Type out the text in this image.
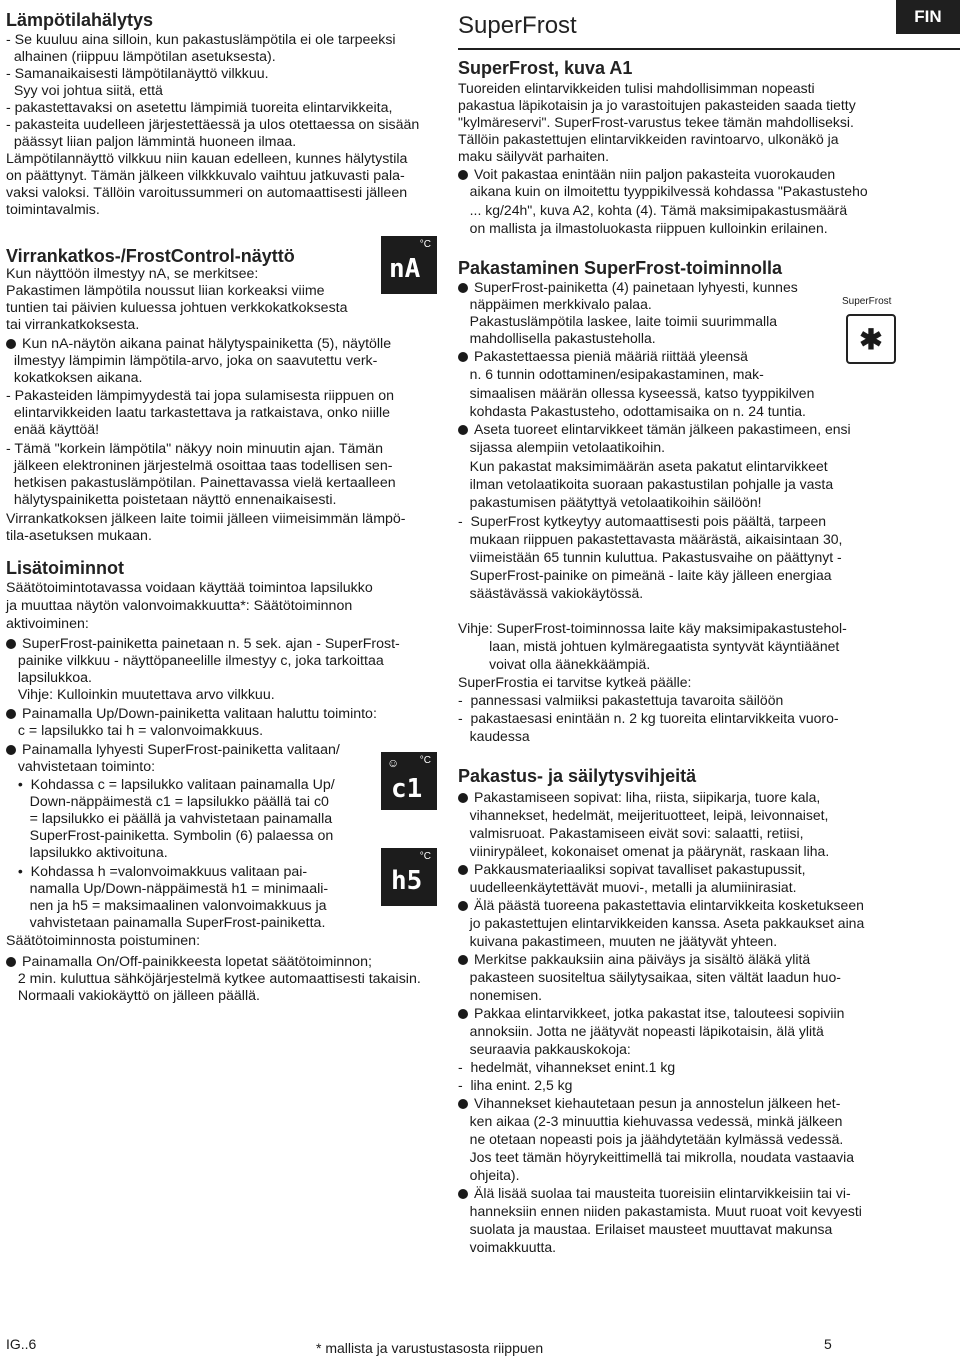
FIN
Lämpötilahälytys
- Se kuuluu aina silloin, kun pakastuslämpötila ei ole tarpeeksi
alhainen (riippuu lämpötilan asetuksesta).
- Samanaikaisesti lämpötilanäyttö vilkkuu.
Syy voi johtua siitä, että
- pakastettavaksi on asetettu lämpimiä tuoreita elintarvikkeita,
- pakasteita uudelleen järjestettäessä ja ulos otettaessa on sisään
päässyt liian paljon lämmintä huoneen ilmaa.
Lämpötilannäyttö vilkkuu niin kauan edelleen, kunnes hälytystila
on päättynyt. Tämän jälkeen vilkkkuvalo vaihtuu jatkuvasti pala-
vaksi valoksi. Tällöin varoitussummeri on automaattisesti jälleen
toimintavalmis.
Virrankatkos-/FrostControl-näyttö
Kun näyttöön ilmestyy nA, se merkitsee:
Pakastimen lämpötila noussut liian korkeaksi viime
tuntien tai päivien kuluessa johtuen verkkokatkoksesta
tai virrankatkoksesta.
Kun nA-näytön aikana painat hälytyspainiketta (5), näytölle
ilmestyy lämpimin lämpötila-arvo, joka on saavutettu verk-
kokatkoksen aikana.
- Pakasteiden lämpimyydestä tai jopa sulamisesta riippuen on
elintarvikkeiden laatu tarkastettava ja ratkaistava, onko niille
enää käyttöä!
- Tämä "korkein lämpötila" näkyy noin minuutin ajan. Tämän
jälkeen elektroninen järjestelmä osoittaa taas todellisen sen-
hetkisen pakastuslämpötilan. Painettavassa vielä kertaalleen
hälytyspainiketta poistetaan näyttö ennenaikaisesti.
Virrankatkoksen jälkeen laite toimii jälleen viimeisimmän lämpö-
tila-asetuksen mukaan.
Lisätoiminnot
Säätötoimintotavassa voidaan käyttää toimintoa lapsilukko
ja muuttaa näytön valonvoimakkuutta*: Säätötoiminnon
aktivoiminen:
SuperFrost-painiketta painetaan n. 5 sek. ajan - SuperFrost-
painike vilkkuu - näyttöpaneelille ilmestyy c, joka tarkoittaa
lapsilukkoa.
Vihje: Kulloinkin muutettava arvo vilkkuu.
Painamalla Up/Down-painiketta valitaan haluttu toiminto:
c = lapsilukko tai h = valonvoimakkuus.
Painamalla lyhyesti SuperFrost-painiketta valitaan/
vahvistetaan toiminto:
•  Kohdassa c = lapsilukko valitaan painamalla Up/
Down-näppäimestä c1 = lapsilukko päällä tai c0
= lapsilukko ei päällä ja vahvistetaan painamalla
SuperFrost-painiketta. Symbolin (6) palaessa on
lapsilukko aktivoituna.
•  Kohdassa h =valonvoimakkuus valitaan pai-
namalla Up/Down-näppäimestä h1 = minimaali-
nen ja h5 = maksimaalinen valonvoimakkuus ja
vahvistetaan painamalla SuperFrost-painiketta.
Säätötoiminnosta poistuminen:
Painamalla On/Off-painikkeesta lopetat säätötoiminnon;
2 min. kuluttua sähköjärjestelmä kytkee automaattisesti takaisin.
Normaali vakiokäyttö on jälleen päällä.
SuperFrost
SuperFrost, kuva A1
Tuoreiden elintarvikkeiden tulisi mahdollisimman nopeasti
pakastua läpikotaisin ja jo varastoitujen pakasteiden saada tietty
"kylmäreservi". SuperFrost-varustus tekee tämän mahdolliseksi.
Tällöin pakastettujen elintarvikkeiden ravintoarvo, ulkonäkö ja
maku säilyvät parhaiten.
Voit pakastaa enintään niin paljon pakasteita vuorokauden
aikana kuin on ilmoitettu tyyppikilvessä kohdassa "Pakastusteho
... kg/24h", kuva A2, kohta (4). Tämä maksimipakastusmäärä
on mallista ja ilmastoluokasta riippuen kulloinkin erilainen.
Pakastaminen SuperFrost-toiminnolla
SuperFrost-painiketta (4) painetaan lyhyesti, kunnes
näppäimen merkkivalo palaa.
Pakastuslämpötila laskee, laite toimii suurimmalla
mahdollisella pakastusteholla.
Pakastettaessa pieniä määriä riittää yleensä
n. 6 tunnin odottaminen/esipakastaminen, mak-
simaalisen määrän ollessa kyseessä, katso tyyppikilven
kohdasta Pakastusteho, odottamisaika on n. 24 tuntia.
Aseta tuoreet elintarvikkeet tämän jälkeen pakastimeen, ensi
sijassa alempiin vetolaatikoihin.
Kun pakastat maksimimäärän aseta pakatut elintarvikkeet
ilman vetolaatikoita suoraan pakastustilan pohjalle ja vasta
pakastumisen päätyttyä vetolaatikoihin säilöön!
-  SuperFrost kytkeytyy automaattisesti pois päältä, tarpeen
mukaan riippuen pakastettavasta määrästä, aikaisintaan 30,
viimeistään 65 tunnin kuluttua. Pakastusvaihe on päättynyt -
SuperFrost-painike on pimeänä - laite käy jälleen energiaa
säästävässä vakiokäytössä.
Vihje: SuperFrost-toiminnossa laite käy maksimipakastustehol-
laan, mistä johtuen kylmäregaatista syntyvät käyntiäänet
voivat olla äänekkäämpiä.
SuperFrostia ei tarvitse kytkeä päälle:
-  pannessasi valmiiksi pakastettuja tavaroita säilöön
-  pakastaesasi enintään n. 2 kg tuoreita elintarvikkeita vuoro-
kaudessa
Pakastus- ja säilytysvihjeitä
Pakastamiseen sopivat: liha, riista, siipikarja, tuore kala,
vihannekset, hedelmät, meijerituotteet, leipä, leivonnaiset,
valmisruoat. Pakastamiseen eivät sovi: salaatti, retiisi,
viinirypäleet, kokonaiset omenat ja päärynät, raskaan liha.
Pakkausmateriaaliksi sopivat tavalliset pakastupussit,
uudelleenkäytettävät muovi-, metalli ja alumiinirasiat.
Älä päästä tuoreena pakastettavia elintarvikkeita kosketukseen
jo pakastettujen elintarvikkeiden kanssa. Aseta pakkaukset aina
kuivana pakastimeen, muuten ne jäätyvät yhteen.
Merkitse pakkauksiin aina päiväys ja sisältö äläkä ylitä
pakasteen suositeltua säilytysaikaa, siten vältät laadun huo-
nonemisen.
Pakkaa elintarvikkeet, jotka pakastat itse, talouteesi sopiviin
annoksiin. Jotta ne jäätyvät nopeasti läpikotaisin, älä ylitä
seuraavia pakkauskokoja:
-  hedelmät, vihannekset enint.1 kg
-  liha enint. 2,5 kg
Vihannekset kiehautetaan pesun ja annostelun jälkeen het-
ken aikaa (2-3 minuuttia kiehuvassa vedessä, minkä jälkeen
ne otetaan nopeasti pois ja jäähdytetään kylmässä vedessä.
Jos teet tämän höyrykeittimellä tai mikrolla, noudata vastaavia
ohjeita).
Älä lisää suolaa tai mausteita tuoreisiin elintarvikkeisiin tai vi-
hanneksiin ennen niiden pakastamista. Muut ruoat voit kevyesti
suolata ja maustaa. Erilaiset mausteet muuttavat makunsa
voimakkuutta.
°C
nA
☺ °C
c1
°C
h5
SuperFrost
✱
IG..6	* mallista ja varustustasosta riippuen	5
